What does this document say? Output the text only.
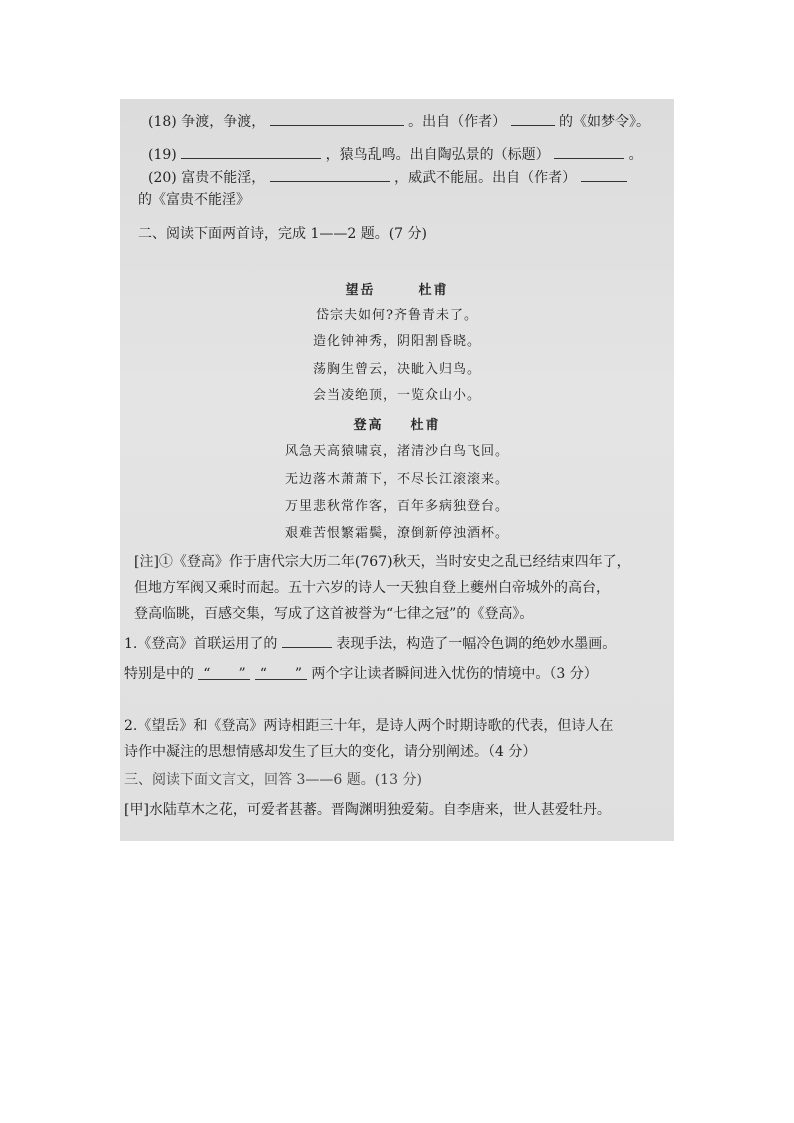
(18) 争渡，争渡，	。出自（作者）	的《如梦令》。
(19)	，猿鸟乱鸣。出自陶弘景的（标题）	。
(20) 富贵不能淫，	，威武不能屈。出自（作者）
的《富贵不能淫》
二、阅读下面两首诗，完成 1——2 题。(7 分)
望岳	杜甫
岱宗夫如何?齐鲁青未了。
造化钟神秀，阴阳割昏晓。
荡胸生曾云，决眦入归鸟。
会当凌绝顶，一览众山小。
登高 杜甫
风急天高猿啸哀，渚清沙白鸟飞回。
无边落木萧萧下，不尽长江滚滚来。
万里悲秋常作客，百年多病独登台。
艰难苦恨繁霜鬓，潦倒新停浊酒杯。
[注]①《登高》作于唐代宗大历二年(767)秋天，当时安史之乱已经结束四年了，
但地方军阀又乘时而起。五十六岁的诗人一天独自登上夔州白帝城外的高台，
登高临眺，百感交集，写成了这首被誉为“七律之冠”的《登高》。
1.《登高》首联运用了的	表现手法，构造了一幅冷色调的绝妙水墨画。
特别是中的 “　　” “　　” 两个字让读者瞬间进入忧伤的情境中。（3 分）
2.《望岳》和《登高》两诗相距三十年，是诗人两个时期诗歌的代表，但诗人在
诗作中凝注的思想情感却发生了巨大的变化，请分别阐述。（4 分）
三、阅读下面文言文，回答 3——6 题。(13 分)
[甲]水陆草木之花，可爱者甚蕃。晋陶渊明独爱菊。自李唐来，世人甚爱牡丹。
